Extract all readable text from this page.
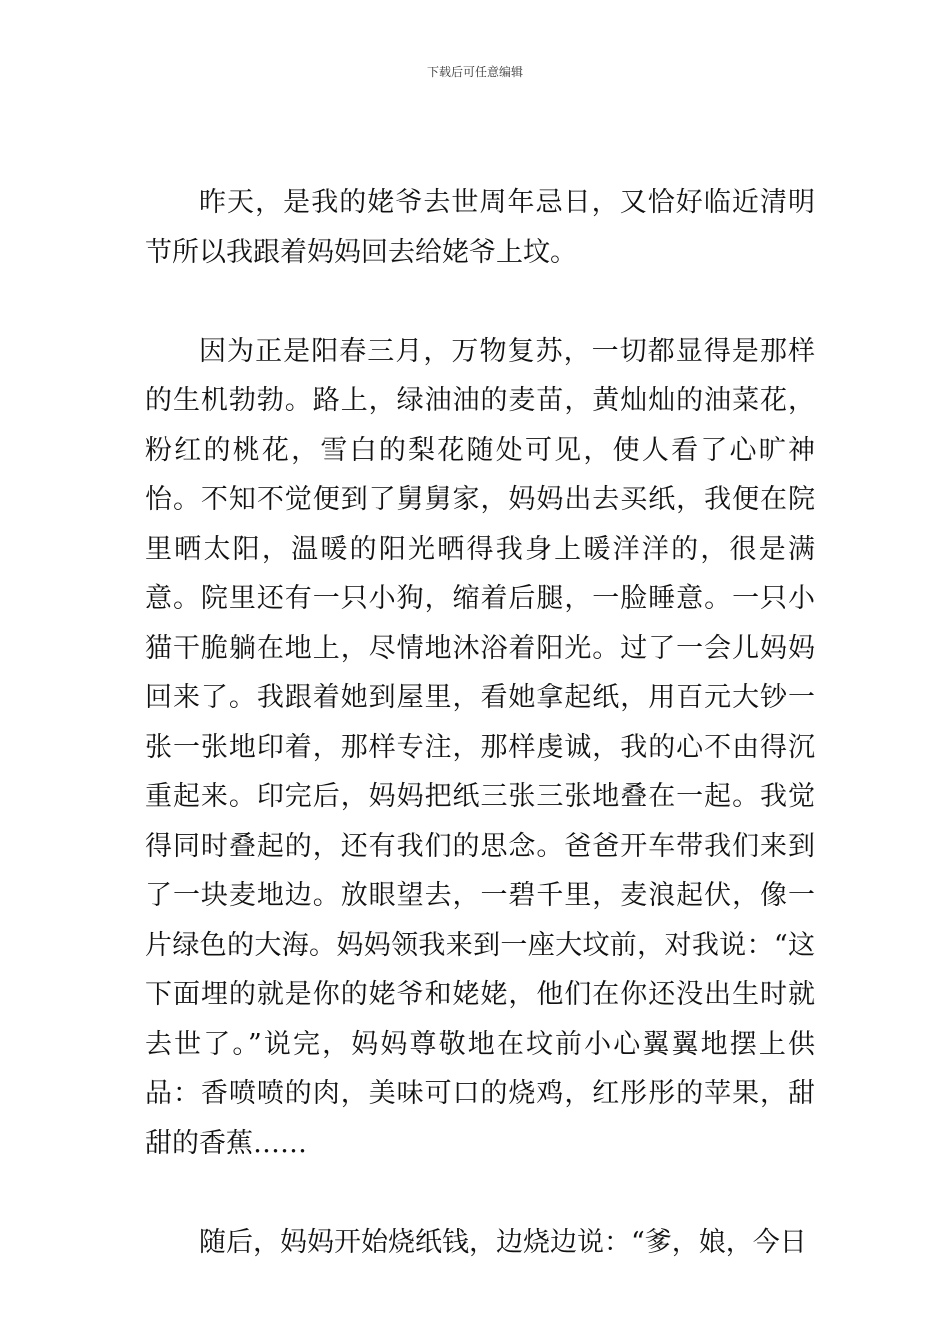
下载后可任意编辑

昨天，是我的姥爷去世周年忌日，又恰好临近清明节所以我跟着妈妈回去给姥爷上坟。

因为正是阳春三月，万物复苏，一切都显得是那样的生机勃勃。路上，绿油油的麦苗，黄灿灿的油菜花，粉红的桃花，雪白的梨花随处可见，使人看了心旷神怡。不知不觉便到了舅舅家，妈妈出去买纸，我便在院里晒太阳，温暖的阳光晒得我身上暖洋洋的，很是满意。院里还有一只小狗，缩着后腿，一脸睡意。一只小猫干脆躺在地上，尽情地沐浴着阳光。过了一会儿妈妈回来了。我跟着她到屋里，看她拿起纸，用百元大钞一张一张地印着，那样专注，那样虔诚，我的心不由得沉重起来。印完后，妈妈把纸三张三张地叠在一起。我觉得同时叠起的，还有我们的思念。爸爸开车带我们来到了一块麦地边。放眼望去，一碧千里，麦浪起伏，像一片绿色的大海。妈妈领我来到一座大坟前，对我说：“这下面埋的就是你的姥爷和姥姥，他们在你还没出生时就去世了。”说完，妈妈尊敬地在坟前小心翼翼地摆上供品：香喷喷的肉，美味可口的烧鸡，红彤彤的苹果，甜甜的香蕉……

随后，妈妈开始烧纸钱，边烧边说：“爹，娘，今日
